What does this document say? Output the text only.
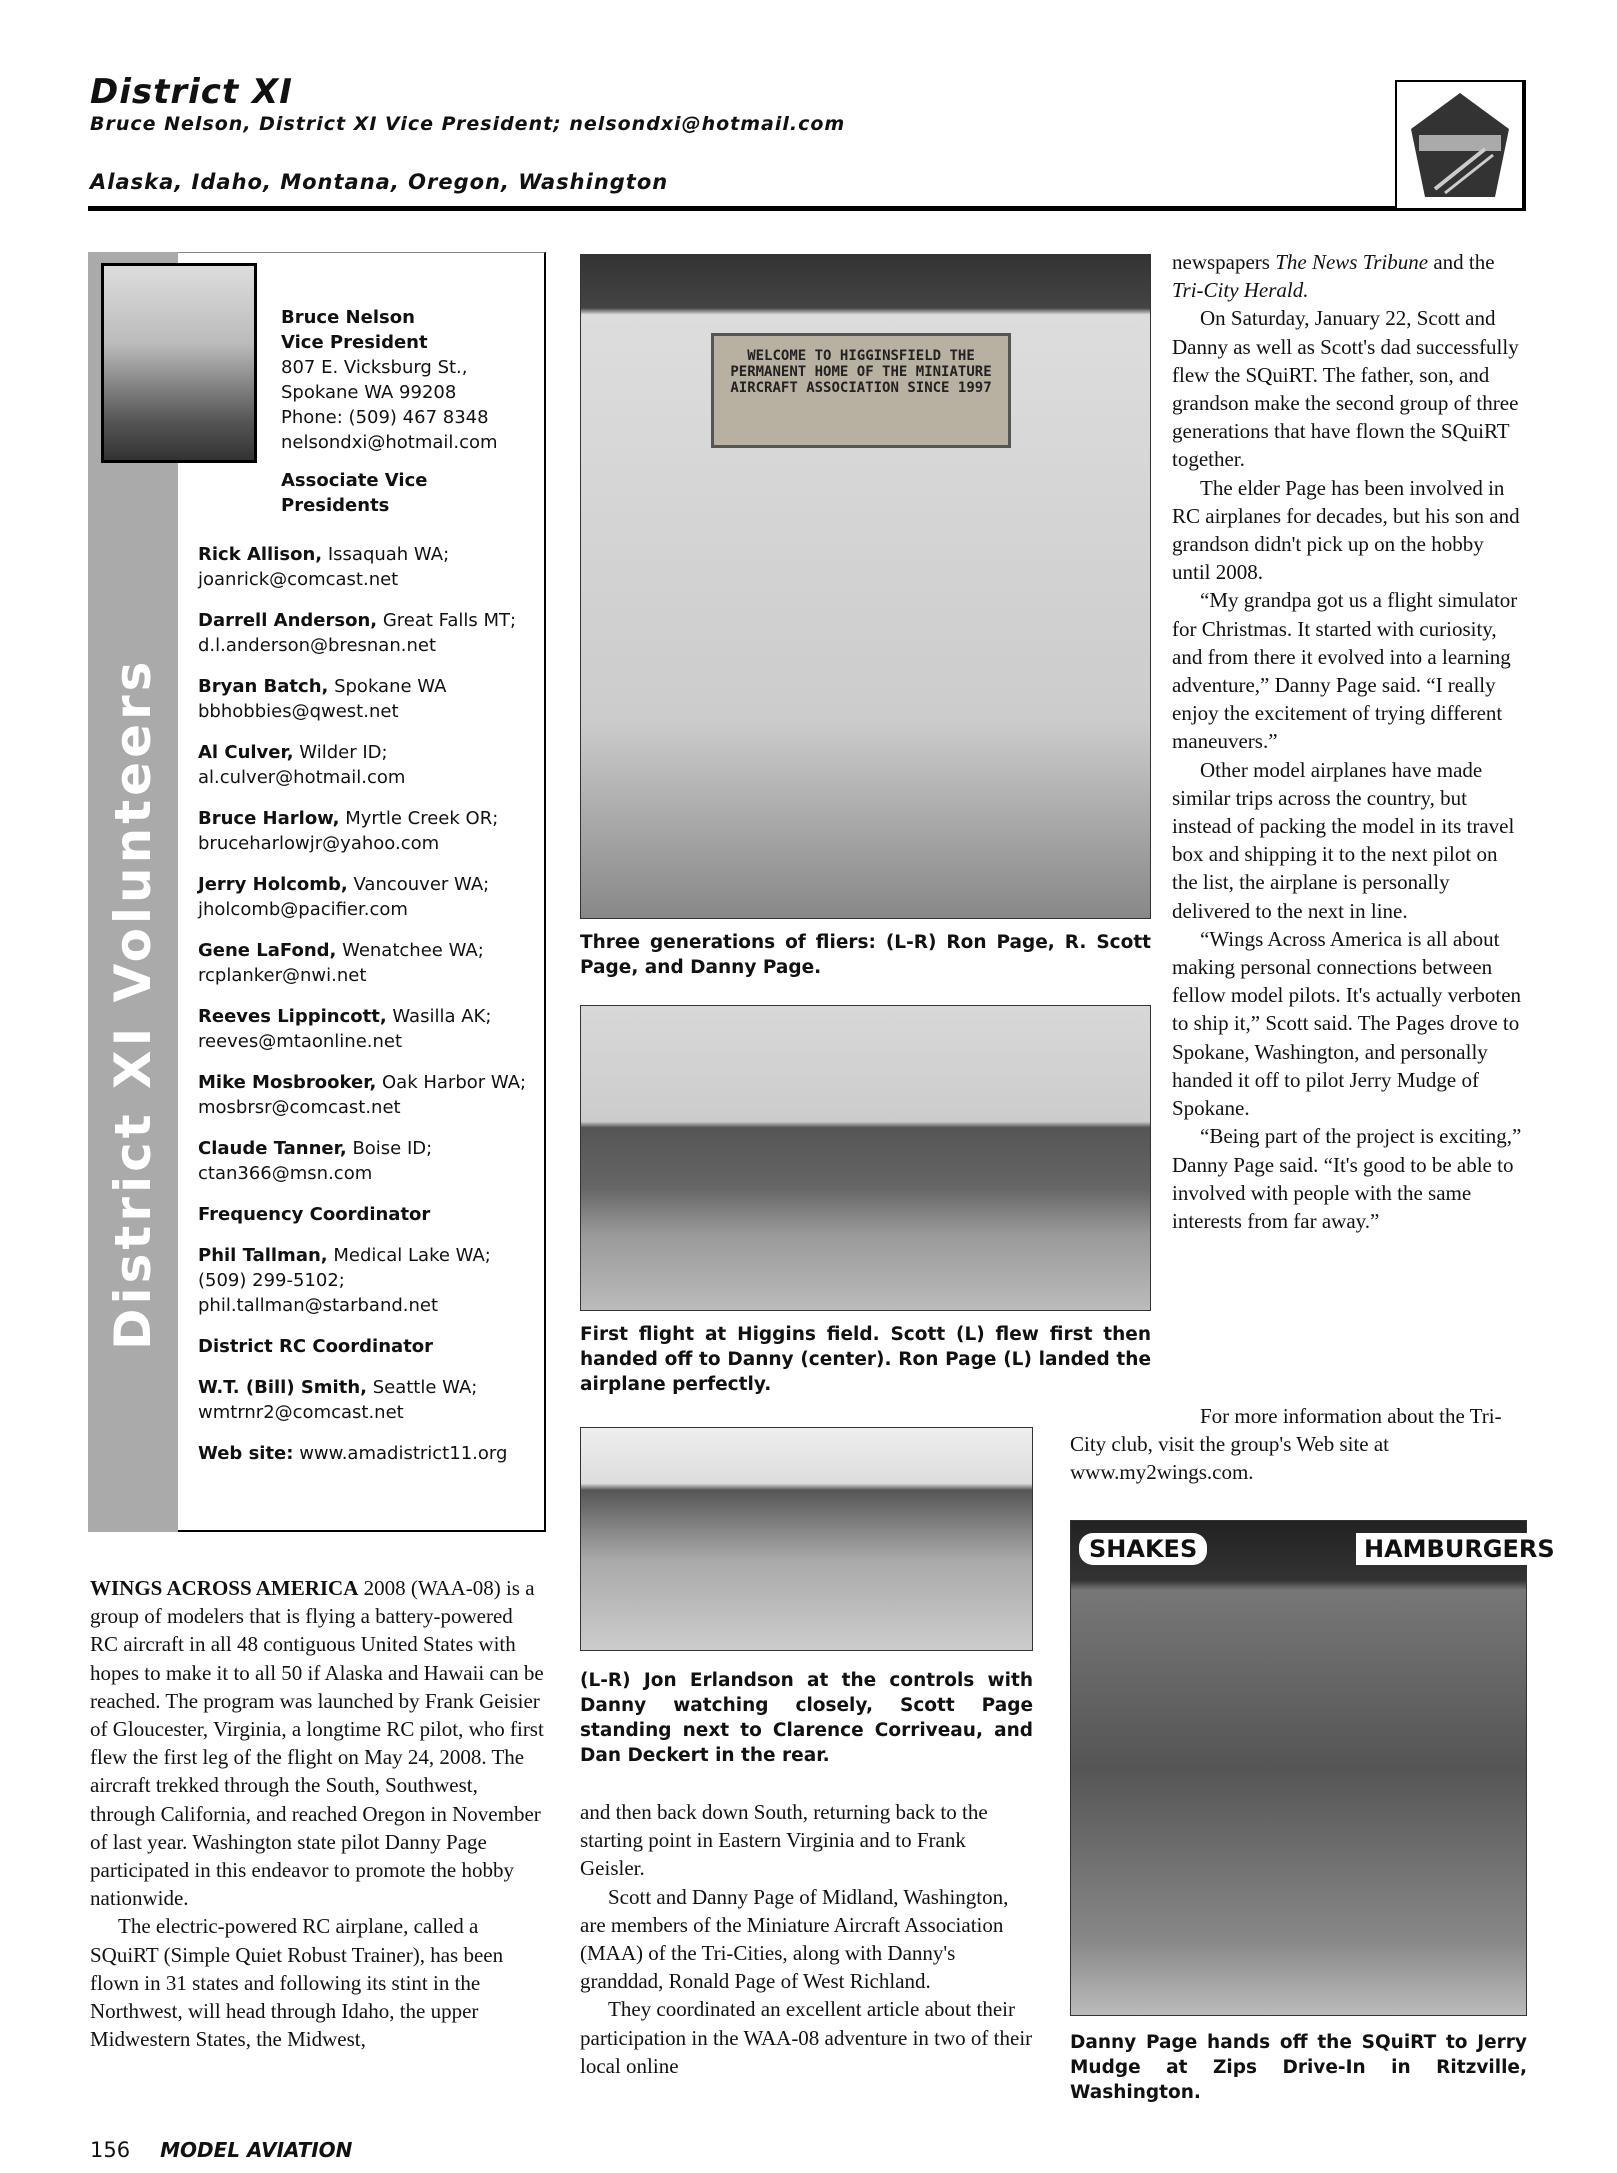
District XI
Bruce Nelson, District XI Vice President; nelsondxi@hotmail.com
Alaska, Idaho, Montana, Oregon, Washington
District XI Volunteers
Bruce Nelson
Vice President
807 E. Vicksburg St.,
Spokane WA 99208
Phone: (509) 467 8348
nelsondxi@hotmail.com
Associate Vice Presidents
Rick Allison, Issaquah WA;
joanrick@comcast.net
Darrell Anderson, Great Falls MT;
d.l.anderson@bresnan.net
Bryan Batch, Spokane WA
bbhobbies@qwest.net
Al Culver, Wilder ID;
al.culver@hotmail.com
Bruce Harlow, Myrtle Creek OR;
bruceharlowjr@yahoo.com
Jerry Holcomb, Vancouver WA;
jholcomb@pacifier.com
Gene LaFond, Wenatchee WA;
rcplanker@nwi.net
Reeves Lippincott, Wasilla AK;
reeves@mtaonline.net
Mike Mosbrooker, Oak Harbor WA;
mosbrsr@comcast.net
Claude Tanner, Boise ID;
ctan366@msn.com
Frequency Coordinator
Phil Tallman, Medical Lake WA;
(509) 299-5102;
phil.tallman@starband.net
District RC Coordinator
W.T. (Bill) Smith, Seattle WA;
wmtrnr2@comcast.net
Web site: www.amadistrict11.org
WELCOME TO HIGGINSFIELD THE PERMANENT HOME OF THE MINIATURE AIRCRAFT ASSOCIATION SINCE 1997
Three generations of fliers: (L-R) Ron Page, R. Scott Page, and Danny Page.
First flight at Higgins field. Scott (L) flew first then handed off to Danny (center). Ron Page (L) landed the airplane perfectly.
(L-R) Jon Erlandson at the controls with Danny watching closely, Scott Page standing next to Clarence Corriveau, and Dan Deckert in the rear.
SHAKES	HAMBURGERS
Danny Page hands off the SQuiRT to Jerry Mudge at Zips Drive-In in Ritzville, Washington.

WINGS ACROSS AMERICA 2008 (WAA-08) is a group of modelers that is flying a battery-powered RC aircraft in all 48 contiguous United States with hopes to make it to all 50 if Alaska and Hawaii can be reached. The program was launched by Frank Geisier of Gloucester, Virginia, a longtime RC pilot, who first flew the first leg of the flight on May 24, 2008. The aircraft trekked through the South, Southwest, through California, and reached Oregon in November of last year. Washington state pilot Danny Page participated in this endeavor to promote the hobby nationwide.

The electric-powered RC airplane, called a SQuiRT (Simple Quiet Robust Trainer), has been flown in 31 states and following its stint in the Northwest, will head through Idaho, the upper Midwestern States, the Midwest,

and then back down South, returning back to the starting point in Eastern Virginia and to Frank Geisler.

Scott and Danny Page of Midland, Washington, are members of the Miniature Aircraft Association (MAA) of the Tri-Cities, along with Danny's granddad, Ronald Page of West Richland.

They coordinated an excellent article about their participation in the WAA-08 adventure in two of their local online

newspapers The News Tribune and the Tri-City Herald.

On Saturday, January 22, Scott and Danny as well as Scott's dad successfully flew the SQuiRT. The father, son, and grandson make the second group of three generations that have flown the SQuiRT together.

The elder Page has been involved in RC airplanes for decades, but his son and grandson didn't pick up on the hobby until 2008.

“My grandpa got us a flight simulator for Christmas. It started with curiosity, and from there it evolved into a learning adventure,” Danny Page said. “I really enjoy the excitement of trying different maneuvers.”

Other model airplanes have made similar trips across the country, but instead of packing the model in its travel box and shipping it to the next pilot on the list, the airplane is personally delivered to the next in line.

“Wings Across America is all about making personal connections between fellow model pilots. It's actually verboten to ship it,” Scott said. The Pages drove to Spokane, Washington, and personally handed it off to pilot Jerry Mudge of Spokane.

“Being part of the project is exciting,” Danny Page said. “It's good to be able to involved with people with the same interests from far away.”

For more information about the Tri-City club, visit the group's Web site at www.my2wings.com.

156 MODEL AVIATION
